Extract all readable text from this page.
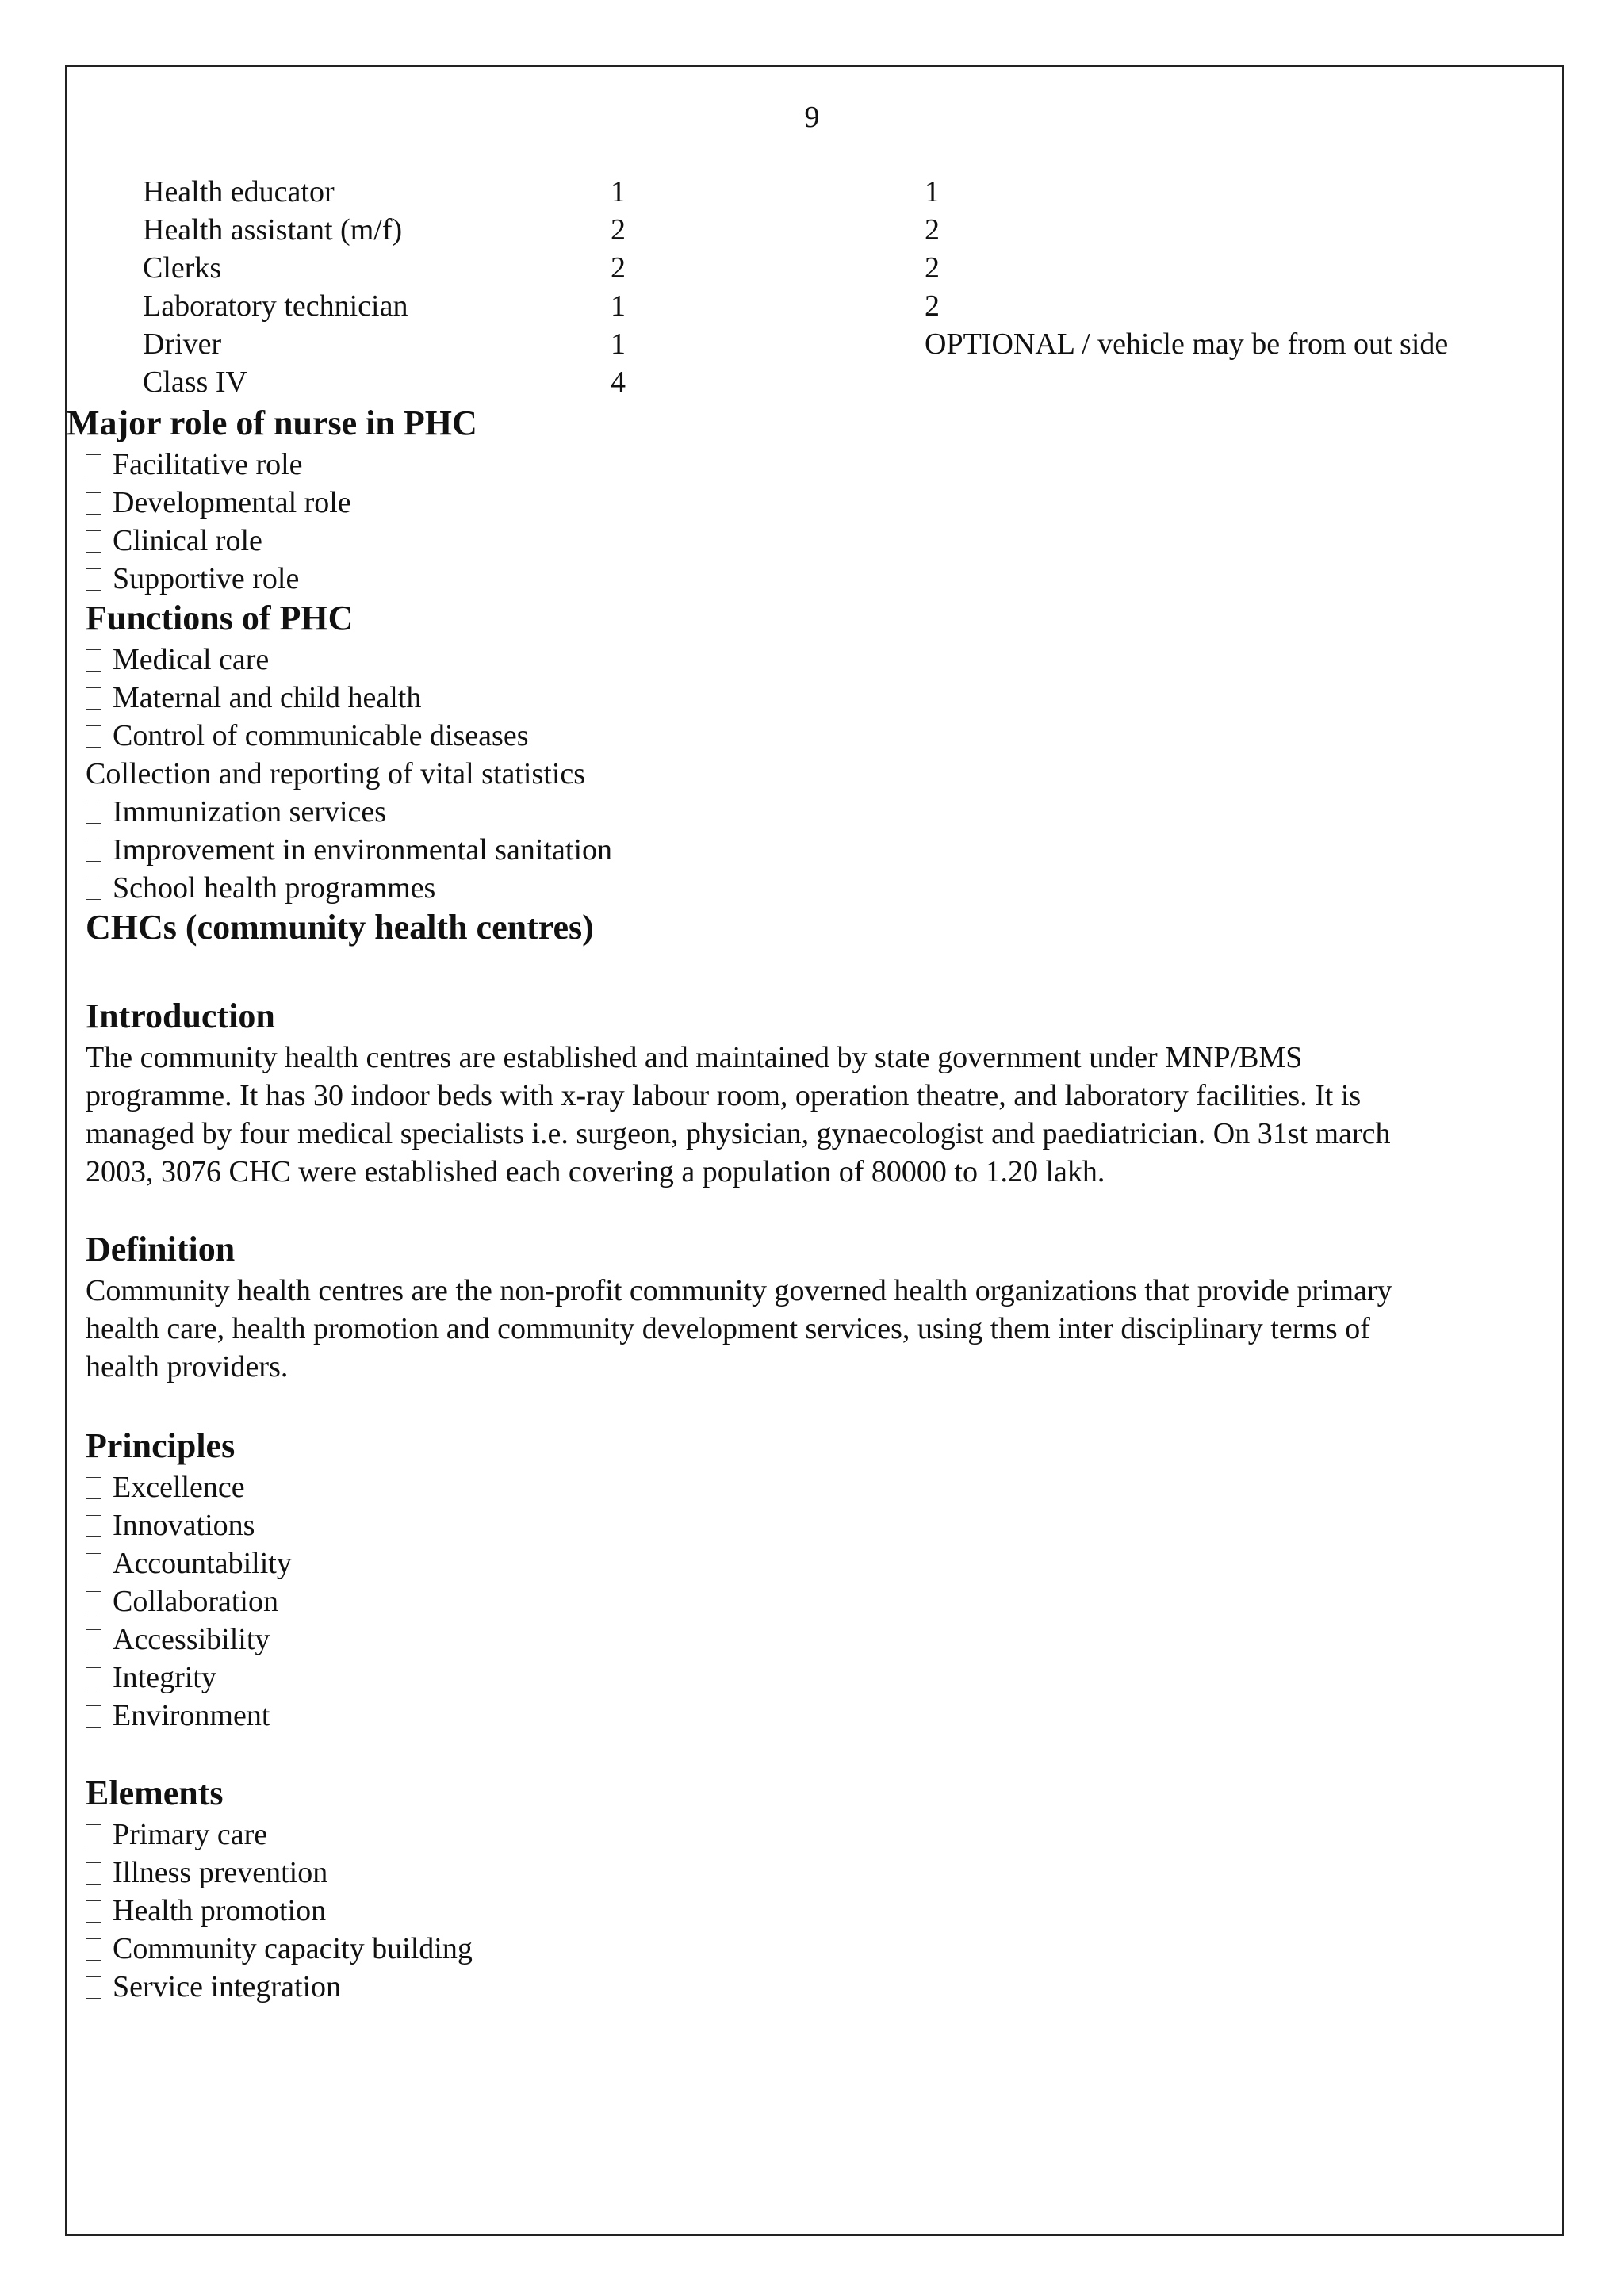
9
Health educator	1	1
Health assistant (m/f)	2	2
Clerks	2	2
Laboratory technician	1	2
Driver	1	OPTIONAL / vehicle may be from out side
Class IV	4
Major role of nurse in PHC
Facilitative role
Developmental role
Clinical role
Supportive role
Functions of PHC
Medical care
Maternal and child health
Control of communicable diseases
Collection and reporting of vital statistics
Immunization services
Improvement in environmental sanitation
School health programmes
CHCs (community health centres)
Introduction
The community health centres are established and maintained by state government under MNP/BMS
programme. It has 30 indoor beds with x-ray labour room, operation theatre, and laboratory facilities. It is
managed by four medical specialists i.e. surgeon, physician, gynaecologist and paediatrician. On 31st march
2003, 3076 CHC were established each covering a population of 80000 to 1.20 lakh.
Definition
Community health centres are the non-profit community governed health organizations that provide primary
health care, health promotion and community development services, using them inter disciplinary terms of
health providers.
Principles
Excellence
Innovations
Accountability
Collaboration
Accessibility
Integrity
Environment
Elements
Primary care
Illness prevention
Health promotion
Community capacity building
Service integration
